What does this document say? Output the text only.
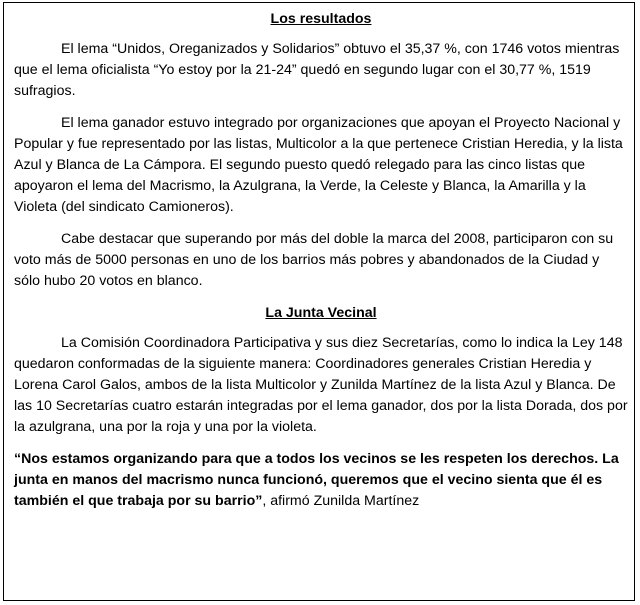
Los resultados

El lema “Unidos, Oreganizados y Solidarios” obtuvo el 35,37 %, con 1746 votos mientras que el lema oficialista “Yo estoy por la 21-24” quedó en segundo lugar con el 30,77 %, 1519 sufragios.

El lema ganador estuvo integrado por organizaciones que apoyan el Proyecto Nacional y Popular y fue representado por las listas, Multicolor a la que pertenece Cristian Heredia, y la lista Azul y Blanca de La Cámpora. El segundo puesto quedó relegado para las cinco listas que apoyaron el lema del Macrismo, la Azulgrana, la Verde, la Celeste y Blanca, la Amarilla y la Violeta (del sindicato Camioneros).

Cabe destacar que superando por más del doble la marca del 2008, participaron con su voto más de 5000 personas en uno de los barrios más pobres y abandonados de la Ciudad y sólo hubo 20 votos en blanco.

La Junta Vecinal

La Comisión Coordinadora Participativa y sus diez Secretarías, como lo indica la Ley 148 quedaron conformadas de la siguiente manera: Coordinadores generales Cristian Heredia y Lorena Carol Galos, ambos de la lista Multicolor y Zunilda Martínez de la lista Azul y Blanca. De las 10 Secretarías cuatro estarán integradas por el lema ganador, dos por la lista Dorada, dos por la azulgrana, una por la roja y una por la violeta.

“Nos estamos organizando para que a todos los vecinos se les respeten los derechos. La junta en manos del macrismo nunca funcionó, queremos que el vecino sienta que él es también el que trabaja por su barrio”, afirmó Zunilda Martínez
